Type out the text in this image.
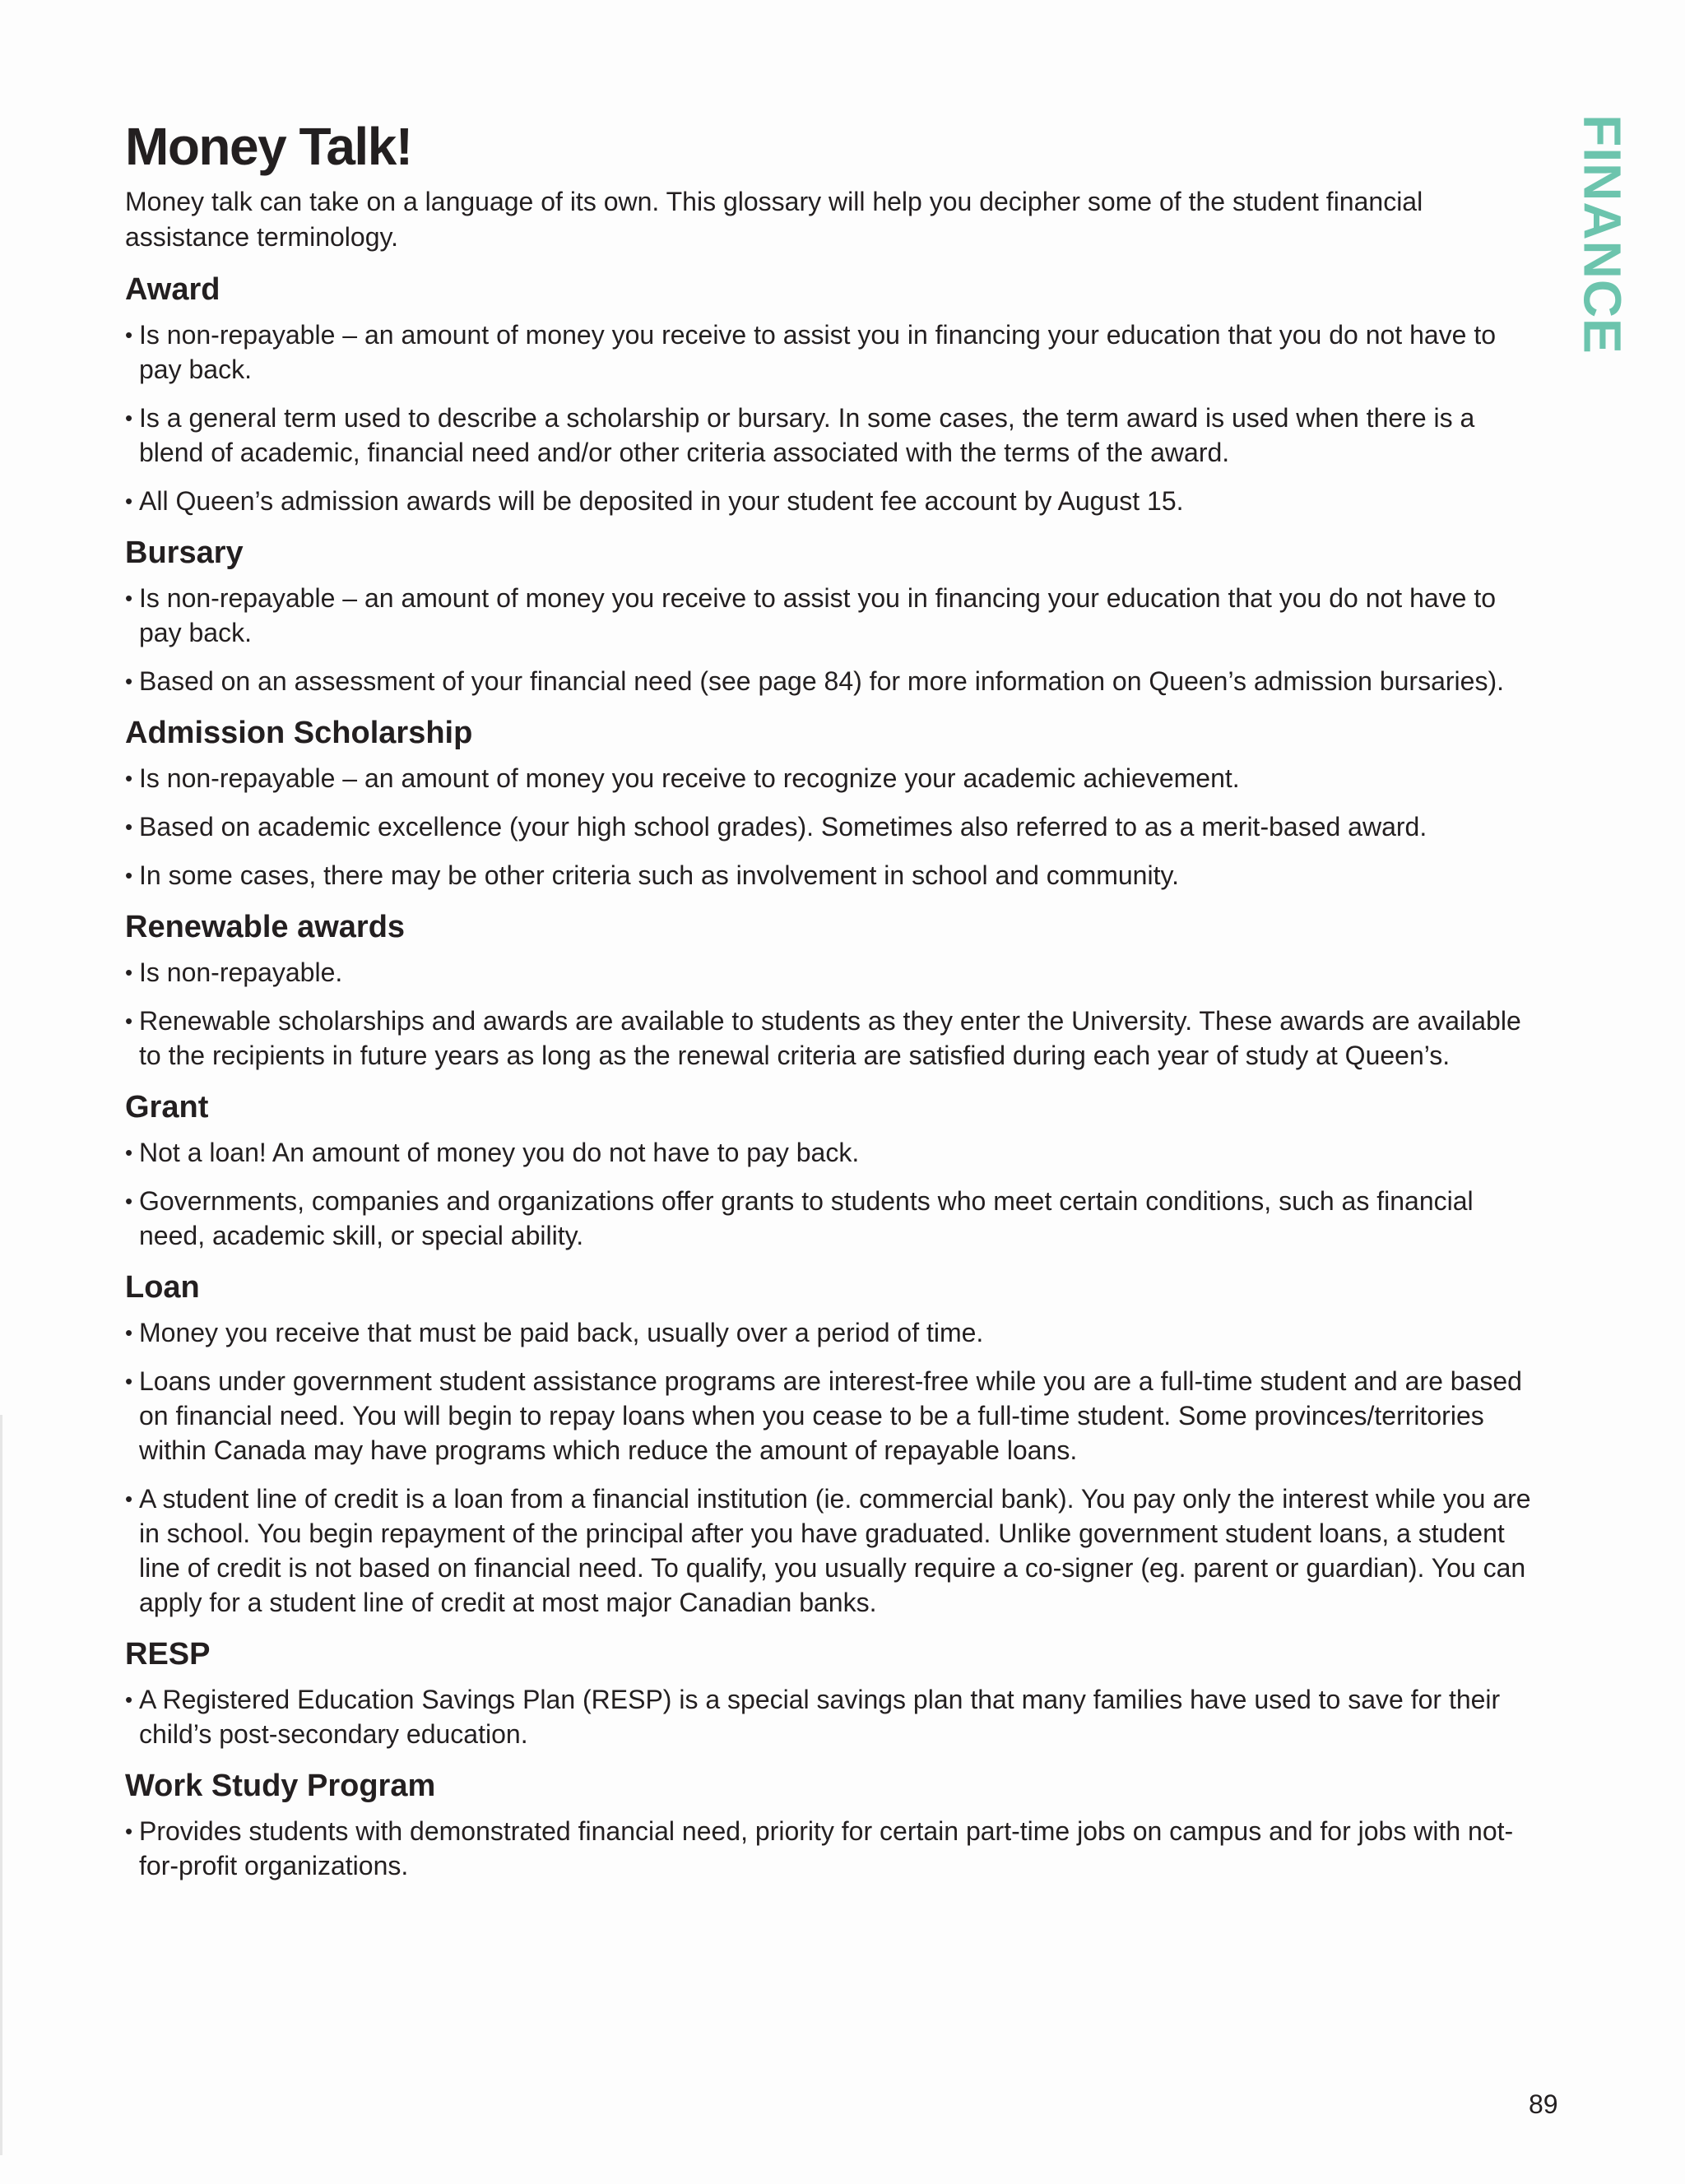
FINANCE
Money Talk!

Money talk can take on a language of its own. This glossary will help you decipher some of the student financial assistance terminology.

Award
• Is non-repayable – an amount of money you receive to assist you in financing your education that you do not have to pay back.
• Is a general term used to describe a scholarship or bursary. In some cases, the term award is used when there is a blend of academic, financial need and/or other criteria associated with the terms of the award.
• All Queen’s admission awards will be deposited in your student fee account by August 15.
Bursary
• Is non-repayable – an amount of money you receive to assist you in financing your education that you do not have to pay back.
• Based on an assessment of your financial need (see page 84) for more information on Queen’s admission bursaries).
Admission Scholarship
• Is non-repayable – an amount of money you receive to recognize your academic achievement.
• Based on academic excellence (your high school grades). Sometimes also referred to as a merit-based award.
• In some cases, there may be other criteria such as involvement in school and community.
Renewable awards
• Is non-repayable.
• Renewable scholarships and awards are available to students as they enter the University. These awards are available to the recipients in future years as long as the renewal criteria are satisfied during each year of study at Queen’s.
Grant
• Not a loan! An amount of money you do not have to pay back.
• Governments, companies and organizations offer grants to students who meet certain conditions, such as financial need, academic skill, or special ability.
Loan
• Money you receive that must be paid back, usually over a period of time.
• Loans under government student assistance programs are interest-free while you are a full-time student and are based on financial need. You will begin to repay loans when you cease to be a full-time student. Some provinces/territories within Canada may have programs which reduce the amount of repayable loans.
• A student line of credit is a loan from a financial institution (ie. commercial bank). You pay only the interest while you are in school. You begin repayment of the principal after you have graduated. Unlike government student loans, a student line of credit is not based on financial need. To qualify, you usually require a co-signer (eg. parent or guardian). You can apply for a student line of credit at most major Canadian banks.
RESP
• A Registered Education Savings Plan (RESP) is a special savings plan that many families have used to save for their child’s post-secondary education.
Work Study Program
• Provides students with demonstrated financial need, priority for certain part-time jobs on campus and for jobs with not-for-profit organizations.
89
